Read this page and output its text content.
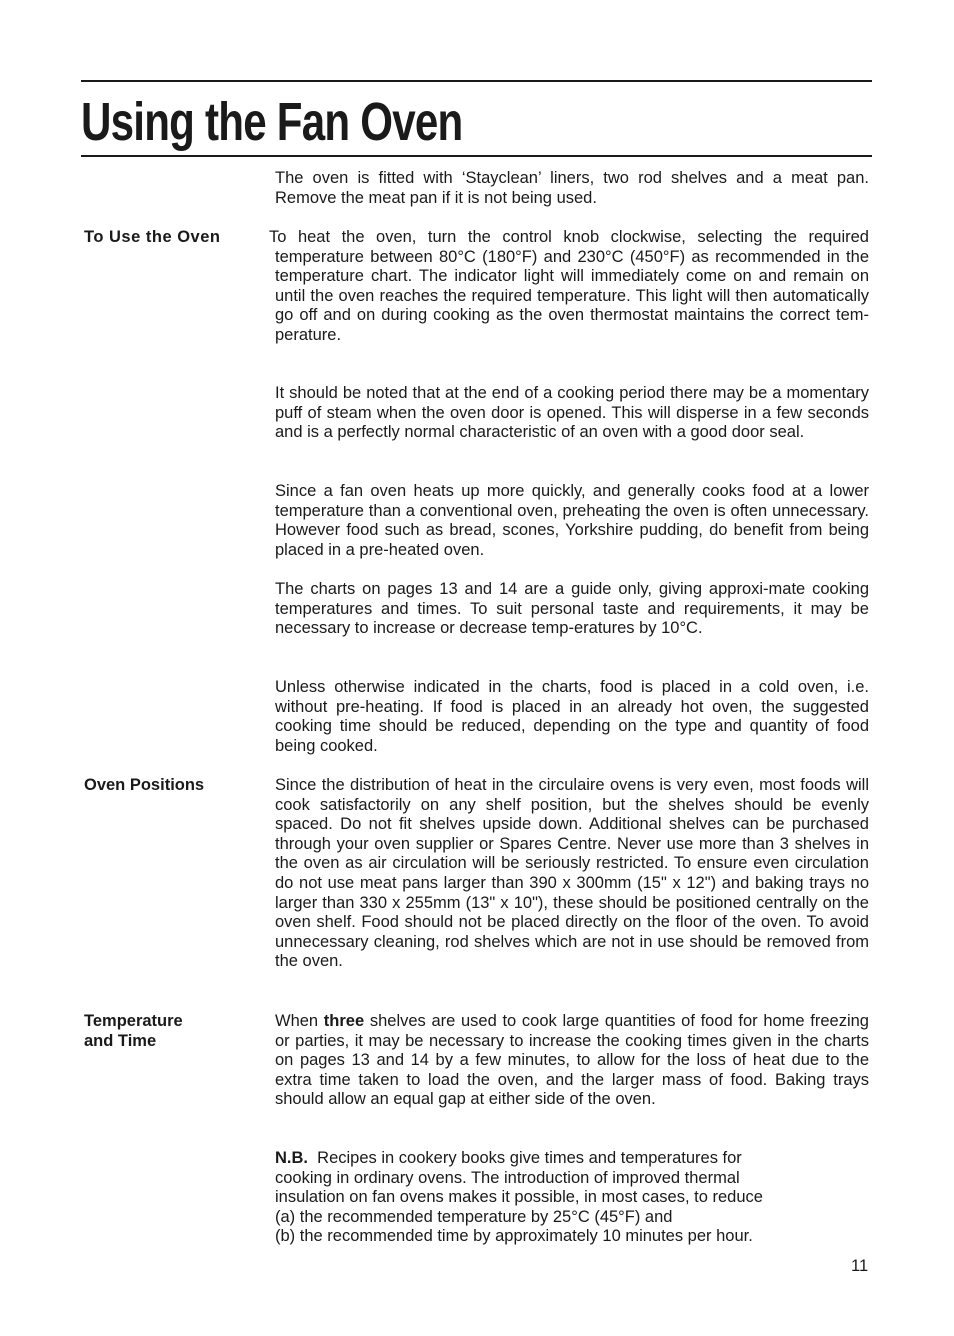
Using the Fan Oven

The oven is fitted with ‘Stayclean’ liners, two rod shelves and a meat pan. Remove the meat pan if it is not being used.

To Use the Oven	To heat the oven, turn the control knob clockwise, selecting the required temperature between 80°C (180°F) and 230°C (450°F) as recommended in the temperature chart. The indicator light will immediately come on and remain on until the oven reaches the required temperature. This light will then automatically go off and on during cooking as the oven thermostat maintains the correct tem-perature.

It should be noted that at the end of a cooking period there may be a momentary puff of steam when the oven door is opened. This will disperse in a few seconds and is a perfectly normal characteristic of an oven with a good door seal.

Since a fan oven heats up more quickly, and generally cooks food at a lower temperature than a conventional oven, preheating the oven is often unnecessary. However food such as bread, scones, Yorkshire pudding, do benefit from being placed in a pre-heated oven.

The charts on pages 13 and 14 are a guide only, giving approxi-mate cooking temperatures and times. To suit personal taste and requirements, it may be necessary to increase or decrease temp-eratures by 10°C.

Unless otherwise indicated in the charts, food is placed in a cold oven, i.e. without pre-heating. If food is placed in an already hot oven, the suggested cooking time should be reduced, depending on the type and quantity of food being cooked.

Oven Positions	Since the distribution of heat in the circulaire ovens is very even, most foods will cook satisfactorily on any shelf position, but the shelves should be evenly spaced. Do not fit shelves upside down. Additional shelves can be purchased through your oven supplier or Spares Centre. Never use more than 3 shelves in the oven as air circulation will be seriously restricted. To ensure even circulation do not use meat pans larger than 390 x 300mm (15" x 12") and baking trays no larger than 330 x 255mm (13" x 10"), these should be positioned centrally on the oven shelf. Food should not be placed directly on the floor of the oven. To avoid unnecessary cleaning, rod shelves which are not in use should be removed from the oven.

Temperature
and Time

When three shelves are used to cook large quantities of food for home freezing or parties, it may be necessary to increase the cooking times given in the charts on pages 13 and 14 by a few minutes, to allow for the loss of heat due to the extra time taken to load the oven, and the larger mass of food. Baking trays should allow an equal gap at either side of the oven.

N.B. Recipes in cookery books give times and temperatures for
cooking in ordinary ovens. The introduction of improved thermal
insulation on fan ovens makes it possible, in most cases, to reduce
(a) the recommended temperature by 25°C (45°F) and
(b) the recommended time by approximately 10 minutes per hour.

11
